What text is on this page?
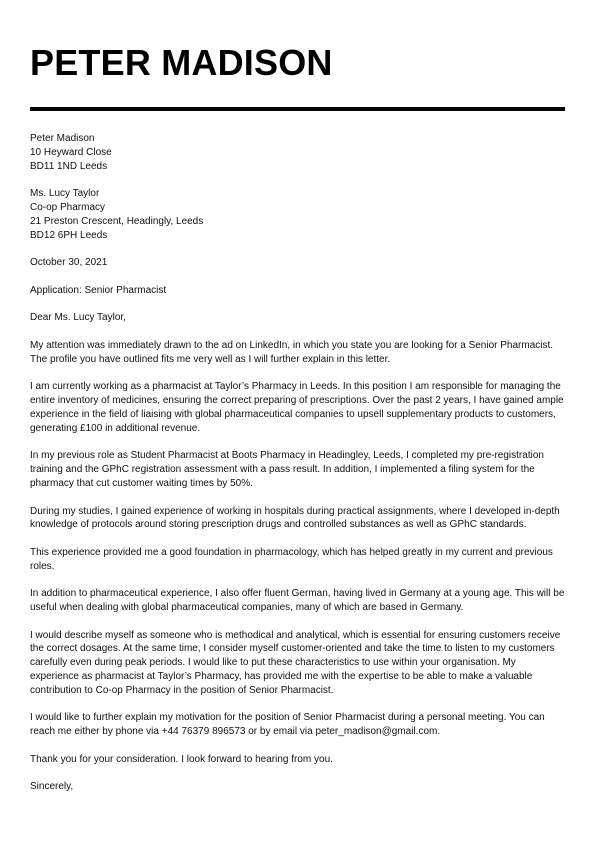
PETER MADISON
Peter Madison
10 Heyward Close
BD11 1ND Leeds
Ms. Lucy Taylor
Co-op Pharmacy
21 Preston Crescent, Headingly, Leeds
BD12 6PH Leeds

October 30, 2021

Application: Senior Pharmacist

Dear Ms. Lucy Taylor,

My attention was immediately drawn to the ad on LinkedIn, in which you state you are looking for a Senior Pharmacist. The profile you have outlined fits me very well as I will further explain in this letter.

I am currently working as a pharmacist at Taylor’s Pharmacy in Leeds. In this position I am responsible for managing the entire inventory of medicines, ensuring the correct preparing of prescriptions. Over the past 2 years, I have gained ample experience in the field of liaising with global pharmaceutical companies to upsell supplementary products to customers, generating £100 in additional revenue.

In my previous role as Student Pharmacist at Boots Pharmacy in Headingley, Leeds, I completed my pre-registration training and the GPhC registration assessment with a pass result. In addition, I implemented a filing system for the pharmacy that cut customer waiting times by 50%.

During my studies, I gained experience of working in hospitals during practical assignments, where I developed in-depth knowledge of protocols around storing prescription drugs and controlled substances as well as GPhC standards.

This experience provided me a good foundation in pharmacology, which has helped greatly in my current and previous roles.

In addition to pharmaceutical experience, I also offer fluent German, having lived in Germany at a young age. This will be useful when dealing with global pharmaceutical companies, many of which are based in Germany.

I would describe myself as someone who is methodical and analytical, which is essential for ensuring customers receive the correct dosages. At the same time, I consider myself customer-oriented and take the time to listen to my customers carefully even during peak periods. I would like to put these characteristics to use within your organisation. My experience as pharmacist at Taylor’s Pharmacy, has provided me with the expertise to be able to make a valuable contribution to Co-op Pharmacy in the position of Senior Pharmacist.

I would like to further explain my motivation for the position of Senior Pharmacist during a personal meeting. You can reach me either by phone via +44 76379 896573 or by email via peter_madison@gmail.com.

Thank you for your consideration. I look forward to hearing from you.

Sincerely,
